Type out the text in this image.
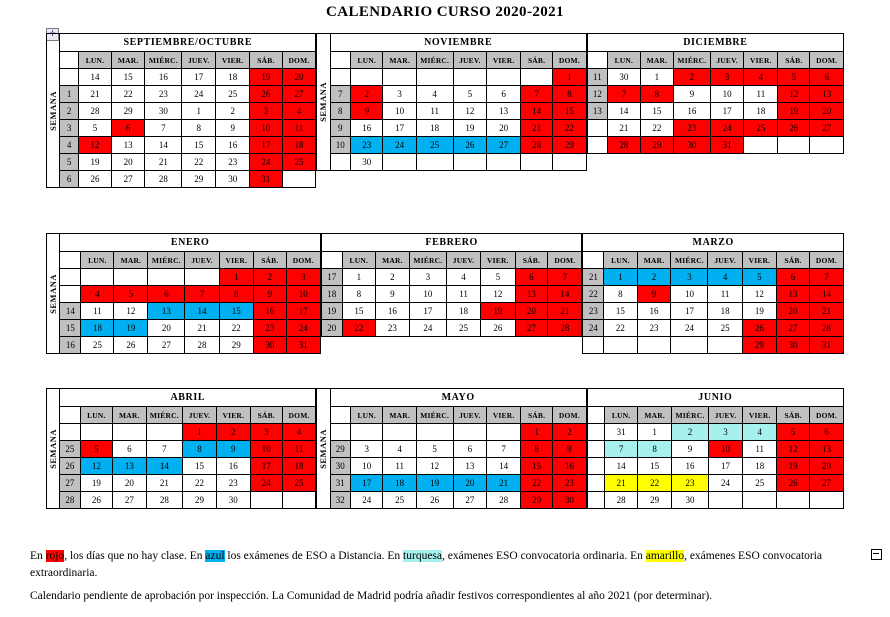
CALENDARIO CURSO 2020-2021
✛
SEMANA
SEPTIEMBRE/OCTUBRE							
	LUN.	MAR.	MIÉRC.	JUEV.	VIER.	SÁB.	DOM.
	14	15	16	17	18	19	20
1	21	22	23	24	25	26	27
2	28	29	30	1	2	3	4
3	5	6	7	8	9	10	11
4	12	13	14	15	16	17	18
5	19	20	21	22	23	24	25
6	26	27	28	29	30	31	
SEMANA
NOVIEMBRE							
	LUN.	MAR.	MIÉRC.	JUEV.	VIER.	SÁB.	DOM.
							1
7	2	3	4	5	6	7	8
8	9	10	11	12	13	14	15
9	16	17	18	19	20	21	22
10	23	24	25	26	27	28	29
	30						
DICIEMBRE							
	LUN.	MAR.	MIÉRC.	JUEV.	VIER.	SÁB.	DOM.
11	30	1	2	3	4	5	6
12	7	8	9	10	11	12	13
13	14	15	16	17	18	19	20
	21	22	23	24	25	26	27
	28	29	30	31			
SEMANA
ENERO							
	LUN.	MAR.	MIÉRC.	JUEV.	VIER.	SÁB.	DOM.
					1	2	3
	4	5	6	7	8	9	10
14	11	12	13	14	15	16	17
15	18	19	20	21	22	23	24
16	25	26	27	28	29	30	31
FEBRERO							
	LUN.	MAR.	MIÉRC.	JUEV.	VIER.	SÁB.	DOM.
17	1	2	3	4	5	6	7
18	8	9	10	11	12	13	14
19	15	16	17	18	19	20	21
20	22	23	24	25	26	27	28
MARZO							
	LUN.	MAR.	MIÉRC.	JUEV.	VIER.	SÁB.	DOM.
21	1	2	3	4	5	6	7
22	8	9	10	11	12	13	14
23	15	16	17	18	19	20	21
24	22	23	24	25	26	27	28
					29	30	31
SEMANA
ABRIL							
	LUN.	MAR.	MIÉRC.	JUEV.	VIER.	SÁB.	DOM.
				1	2	3	4
25	5	6	7	8	9	10	11
26	12	13	14	15	16	17	18
27	19	20	21	22	23	24	25
28	26	27	28	29	30		
SEMANA
MAYO							
	LUN.	MAR.	MIÉRC.	JUEV.	VIER.	SÁB.	DOM.
						1	2
29	3	4	5	6	7	8	9
30	10	11	12	13	14	15	16
31	17	18	19	20	21	22	23
32	24	25	26	27	28	29	30
JUNIO							
	LUN.	MAR.	MIÉRC.	JUEV.	VIER.	SÁB.	DOM.
	31	1	2	3	4	5	6
	7	8	9	10	11	12	13
	14	15	16	17	18	19	20
	21	22	23	24	25	26	27
	28	29	30				
En rojo, los días que no hay clase. En azul los exámenes de ESO a Distancia. En turquesa, exámenes ESO convocatoria ordinaria. En amarillo, exámenes ESO convocatoria
extraordinaria.
Calendario pendiente de aprobación por inspección. La Comunidad de Madrid podría añadir festivos correspondientes al año 2021 (por determinar).
